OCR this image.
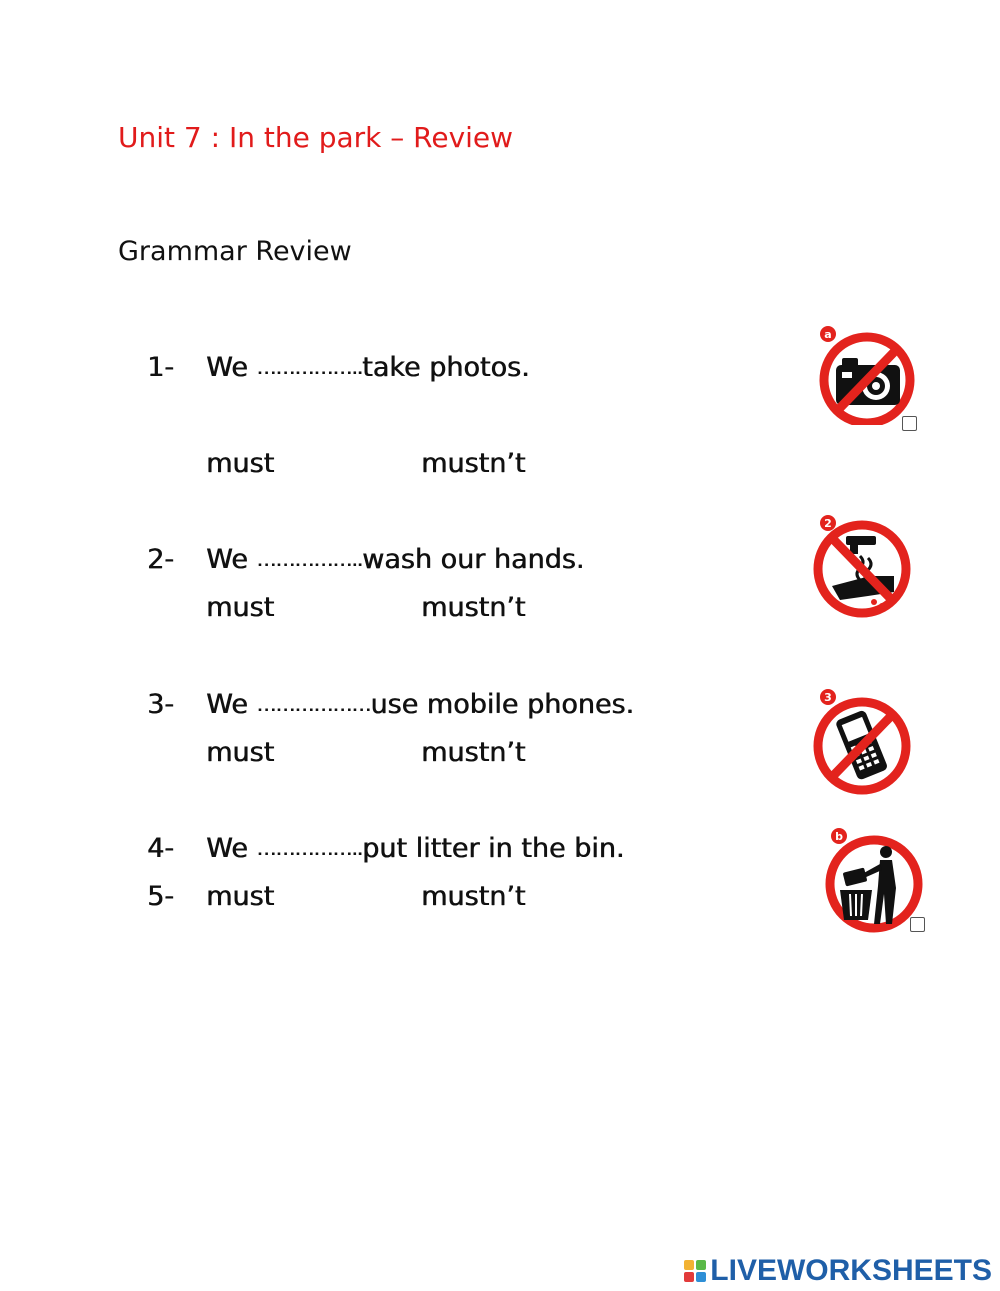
Unit 7 : In the park – Review
Grammar Review
1- We ……………..take photos.
must	mustn’t
2- We ……………..wash our hands.
must	mustn’t
3- We ………………use mobile phones.
must	mustn’t
4- We ……………..put litter in the bin.
5- must	mustn’t
a
2
3
b
LIVEWORKSHEETS
